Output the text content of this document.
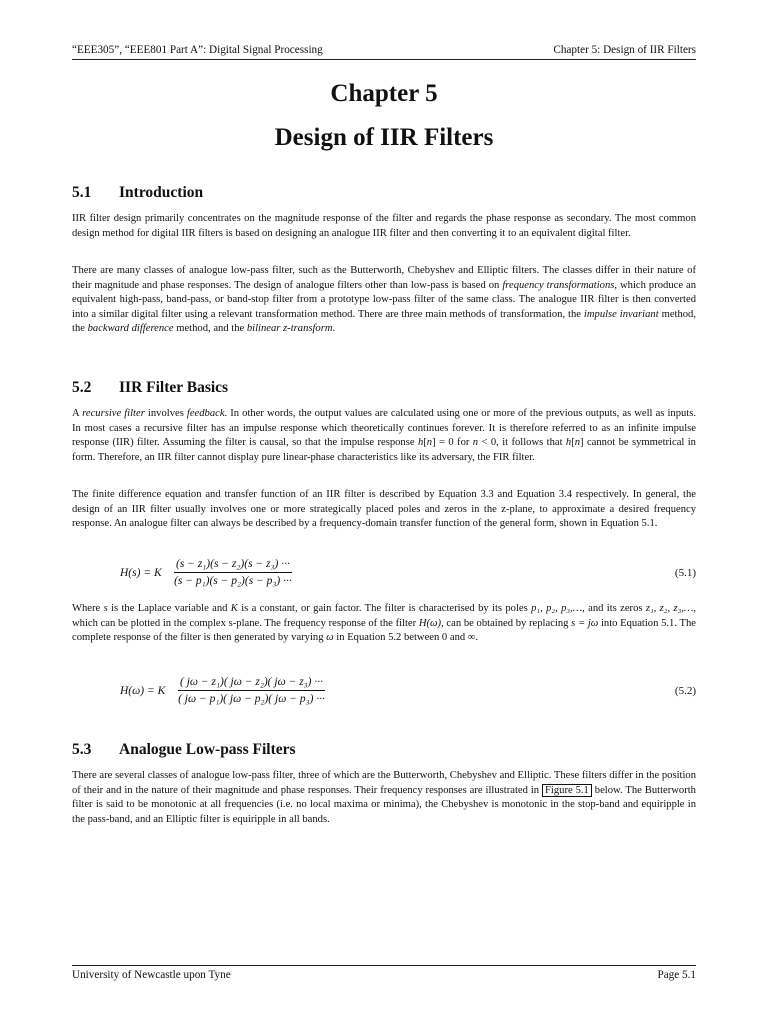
“EEE305”, “EEE801 Part A”: Digital Signal Processing	Chapter 5: Design of IIR Filters
Chapter 5
Design of IIR Filters
5.1 Introduction

IIR filter design primarily concentrates on the magnitude response of the filter and regards the phase response as secondary. The most common design method for digital IIR filters is based on designing an analogue IIR filter and then converting it to an equivalent digital filter.

There are many classes of analogue low-pass filter, such as the Butterworth, Chebyshev and Elliptic filters. The classes differ in their nature of their magnitude and phase responses. The design of analogue filters other than low-pass is based on frequency transformations, which produce an equivalent high-pass, band-pass, or band-stop filter from a prototype low-pass filter of the same class. The analogue IIR filter is then converted into a similar digital filter using a relevant transformation method. There are three main methods of transformation, the impulse invariant method, the backward difference method, and the bilinear z-transform.

5.2 IIR Filter Basics

A recursive filter involves feedback. In other words, the output values are calculated using one or more of the previous outputs, as well as inputs. In most cases a recursive filter has an impulse response which theoretically continues forever. It is therefore referred to as an infinite impulse response (IIR) filter. Assuming the filter is causal, so that the impulse response h[n] = 0 for n < 0, it follows that h[n] cannot be symmetrical in form. Therefore, an IIR filter cannot display pure linear-phase characteristics like its adversary, the FIR filter.

The finite difference equation and transfer function of an IIR filter is described by Equation 3.3 and Equation 3.4 respectively. In general, the design of an IIR filter usually involves one or more strategically placed poles and zeros in the z-plane, to approximate a desired frequency response. An analogue filter can always be described by a frequency-domain transfer function of the general form, shown in Equation 5.1.

H(s) = K $\frac{\text{(s − z₁)(s − z₂)(s − z₃) ···}}{\text{(s − p₁)(s − p₂)(s − p₃) ···}}$	(5.1)

Where s is the Laplace variable and K is a constant, or gain factor. The filter is characterised by its poles p₁, p₂, p₃,…, and its zeros z₁, z₂, z₃,…, which can be plotted in the complex s-plane. The frequency response of the filter H(ω), can be obtained by replacing s = jω into Equation 5.1. The complete response of the filter is then generated by varying ω in Equation 5.2 between 0 and ∞.

H(ω) = K $\frac{\text{( jω − z₁)( jω − z₂)( jω − z₃) ···}}{\text{( jω − p₁)( jω − p₂)( jω − p₃) ···}}$	(5.2)
5.3 Analogue Low-pass Filters

There are several classes of analogue low-pass filter, three of which are the Butterworth, Chebyshev and Elliptic. These filters differ in the position of their and in the nature of their magnitude and phase responses. Their frequency responses are illustrated in Figure 5.1 below. The Butterworth filter is said to be monotonic at all frequencies (i.e. no local maxima or minima), the Chebyshev is monotonic in the stop-band and equiripple in the pass-band, and an Elliptic filter is equiripple in all bands.

University of Newcastle upon Tyne	Page 5.1
